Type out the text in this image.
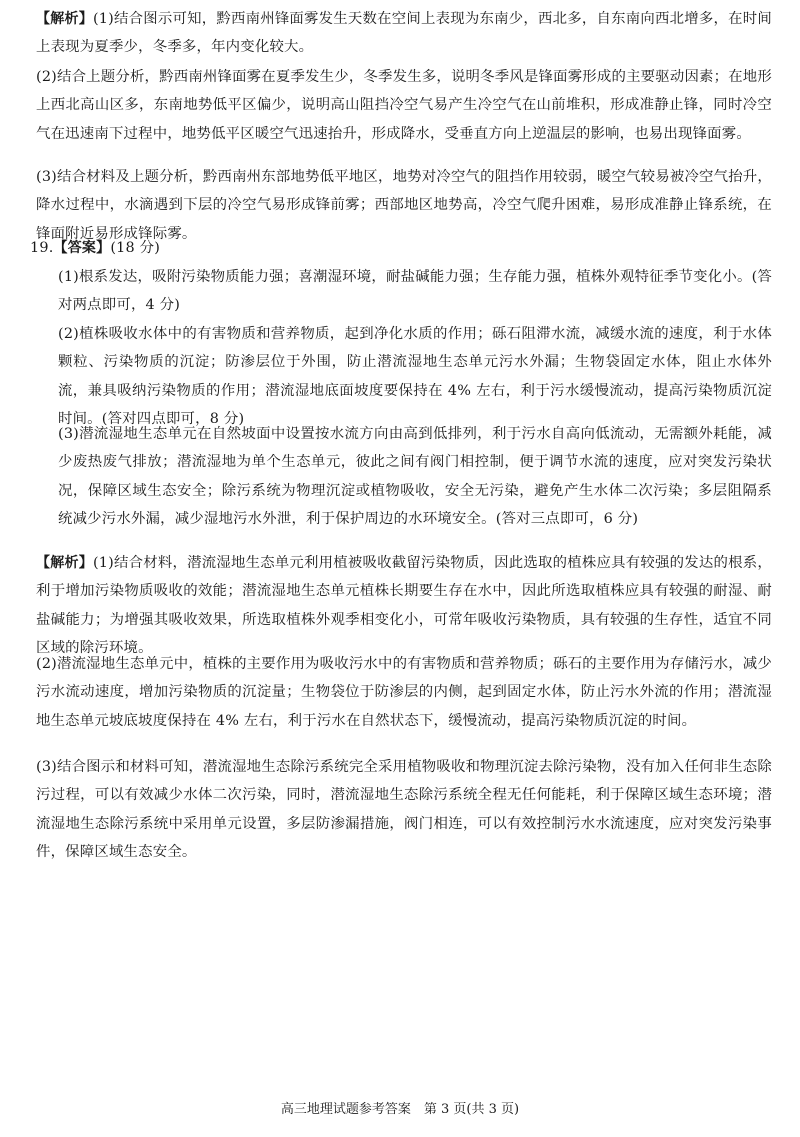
【解析】(1)结合图示可知，黔西南州锋面雾发生天数在空间上表现为东南少，西北多，自东南向西北增多，在时间上表现为夏季少，冬季多，年内变化较大。

(2)结合上题分析，黔西南州锋面雾在夏季发生少，冬季发生多，说明冬季风是锋面雾形成的主要驱动因素；在地形上西北高山区多，东南地势低平区偏少，说明高山阻挡冷空气易产生冷空气在山前堆积，形成准静止锋，同时冷空气在迅速南下过程中，地势低平区暖空气迅速抬升，形成降水，受垂直方向上逆温层的影响，也易出现锋面雾。

(3)结合材料及上题分析，黔西南州东部地势低平地区，地势对冷空气的阻挡作用较弱，暖空气较易被冷空气抬升，降水过程中，水滴遇到下层的冷空气易形成锋前雾；西部地区地势高，冷空气爬升困难，易形成准静止锋系统，在锋面附近易形成锋际雾。

19.【答案】(18 分)

(1)根系发达，吸附污染物质能力强；喜潮湿环境，耐盐碱能力强；生存能力强，植株外观特征季节变化小。(答对两点即可，4 分)

(2)植株吸收水体中的有害物质和营养物质，起到净化水质的作用；砾石阻滞水流，减缓水流的速度，利于水体颗粒、污染物质的沉淀；防渗层位于外围，防止潜流湿地生态单元污水外漏；生物袋固定水体，阻止水体外流，兼具吸纳污染物质的作用；潜流湿地底面坡度要保持在 4% 左右，利于污水缓慢流动，提高污染物质沉淀时间。(答对四点即可，8 分)

(3)潜流湿地生态单元在自然坡面中设置按水流方向由高到低排列，利于污水自高向低流动，无需额外耗能，减少废热废气排放；潜流湿地为单个生态单元，彼此之间有阀门相控制，便于调节水流的速度，应对突发污染状况，保障区域生态安全；除污系统为物理沉淀或植物吸收，安全无污染，避免产生水体二次污染；多层阻隔系统减少污水外漏，减少湿地污水外泄，利于保护周边的水环境安全。(答对三点即可，6 分)

【解析】(1)结合材料，潜流湿地生态单元利用植被吸收截留污染物质，因此选取的植株应具有较强的发达的根系，利于增加污染物质吸收的效能；潜流湿地生态单元植株长期要生存在水中，因此所选取植株应具有较强的耐湿、耐盐碱能力；为增强其吸收效果，所选取植株外观季相变化小，可常年吸收污染物质，具有较强的生存性，适宜不同区域的除污环境。

(2)潜流湿地生态单元中，植株的主要作用为吸收污水中的有害物质和营养物质；砾石的主要作用为存储污水，减少污水流动速度，增加污染物质的沉淀量；生物袋位于防渗层的内侧，起到固定水体，防止污水外流的作用；潜流湿地生态单元坡底坡度保持在 4% 左右，利于污水在自然状态下，缓慢流动，提高污染物质沉淀的时间。

(3)结合图示和材料可知，潜流湿地生态除污系统完全采用植物吸收和物理沉淀去除污染物，没有加入任何非生态除污过程，可以有效减少水体二次污染，同时，潜流湿地生态除污系统全程无任何能耗，利于保障区域生态环境；潜流湿地生态除污系统中采用单元设置，多层防渗漏措施，阀门相连，可以有效控制污水水流速度，应对突发污染事件，保障区域生态安全。

高三地理试题参考答案　第 3 页(共 3 页)
